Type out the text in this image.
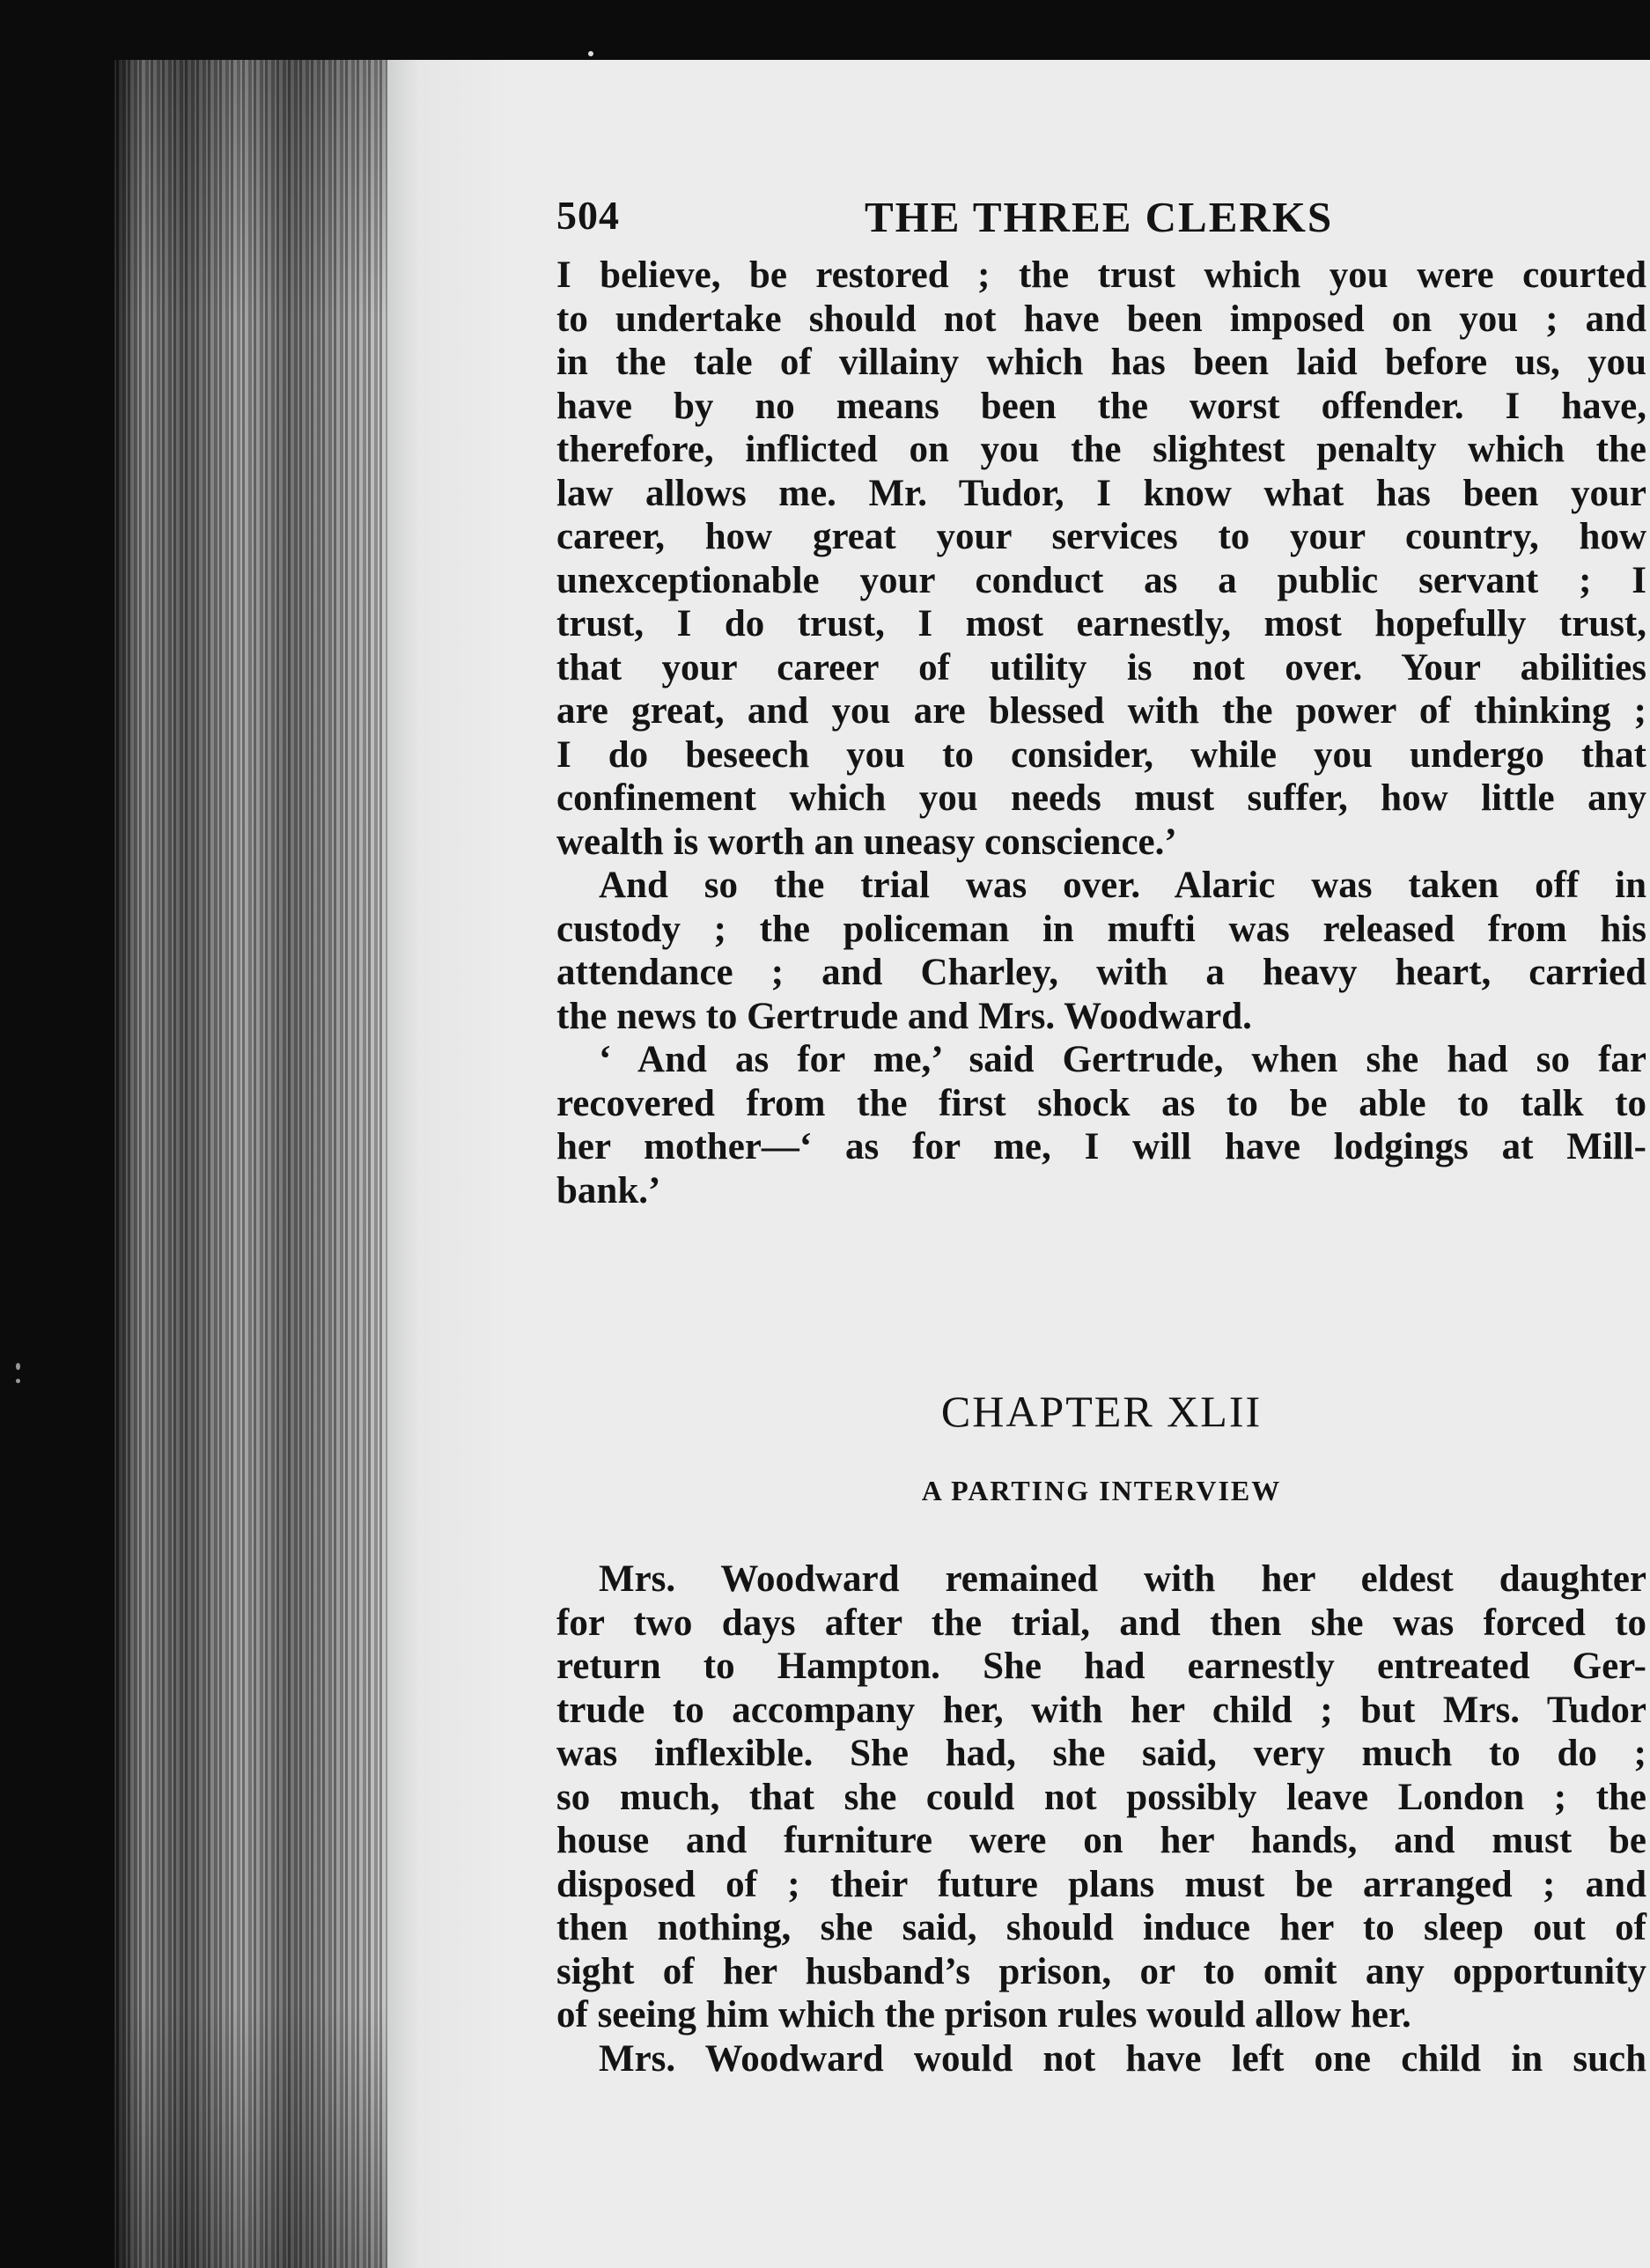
504	THE THREE CLERKS
I believe, be restored ; the trust which you were courted
to undertake should not have been imposed on you ; and
in the tale of villainy which has been laid before us, you
have by no means been the worst offender. I have,
therefore, inflicted on you the slightest penalty which the
law allows me. Mr. Tudor, I know what has been your
career, how great your services to your country, how
unexceptionable your conduct as a public servant ; I
trust, I do trust, I most earnestly, most hopefully trust,
that your career of utility is not over. Your abilities
are great, and you are blessed with the power of thinking ;
I do beseech you to consider, while you undergo that
confinement which you needs must suffer, how little any
wealth is worth an uneasy conscience.’
And so the trial was over. Alaric was taken off in
custody ; the policeman in mufti was released from his
attendance ; and Charley, with a heavy heart, carried
the news to Gertrude and Mrs. Woodward.
‘ And as for me,’ said Gertrude, when she had so far
recovered from the first shock as to be able to talk to
her mother—‘ as for me, I will have lodgings at Mill-
bank.’
CHAPTER XLII
A PARTING INTERVIEW
Mrs. Woodward remained with her eldest daughter
for two days after the trial, and then she was forced to
return to Hampton. She had earnestly entreated Ger-
trude to accompany her, with her child ; but Mrs. Tudor
was inflexible. She had, she said, very much to do ;
so much, that she could not possibly leave London ; the
house and furniture were on her hands, and must be
disposed of ; their future plans must be arranged ; and
then nothing, she said, should induce her to sleep out of
sight of her husband’s prison, or to omit any opportunity
of seeing him which the prison rules would allow her.
Mrs. Woodward would not have left one child in such
